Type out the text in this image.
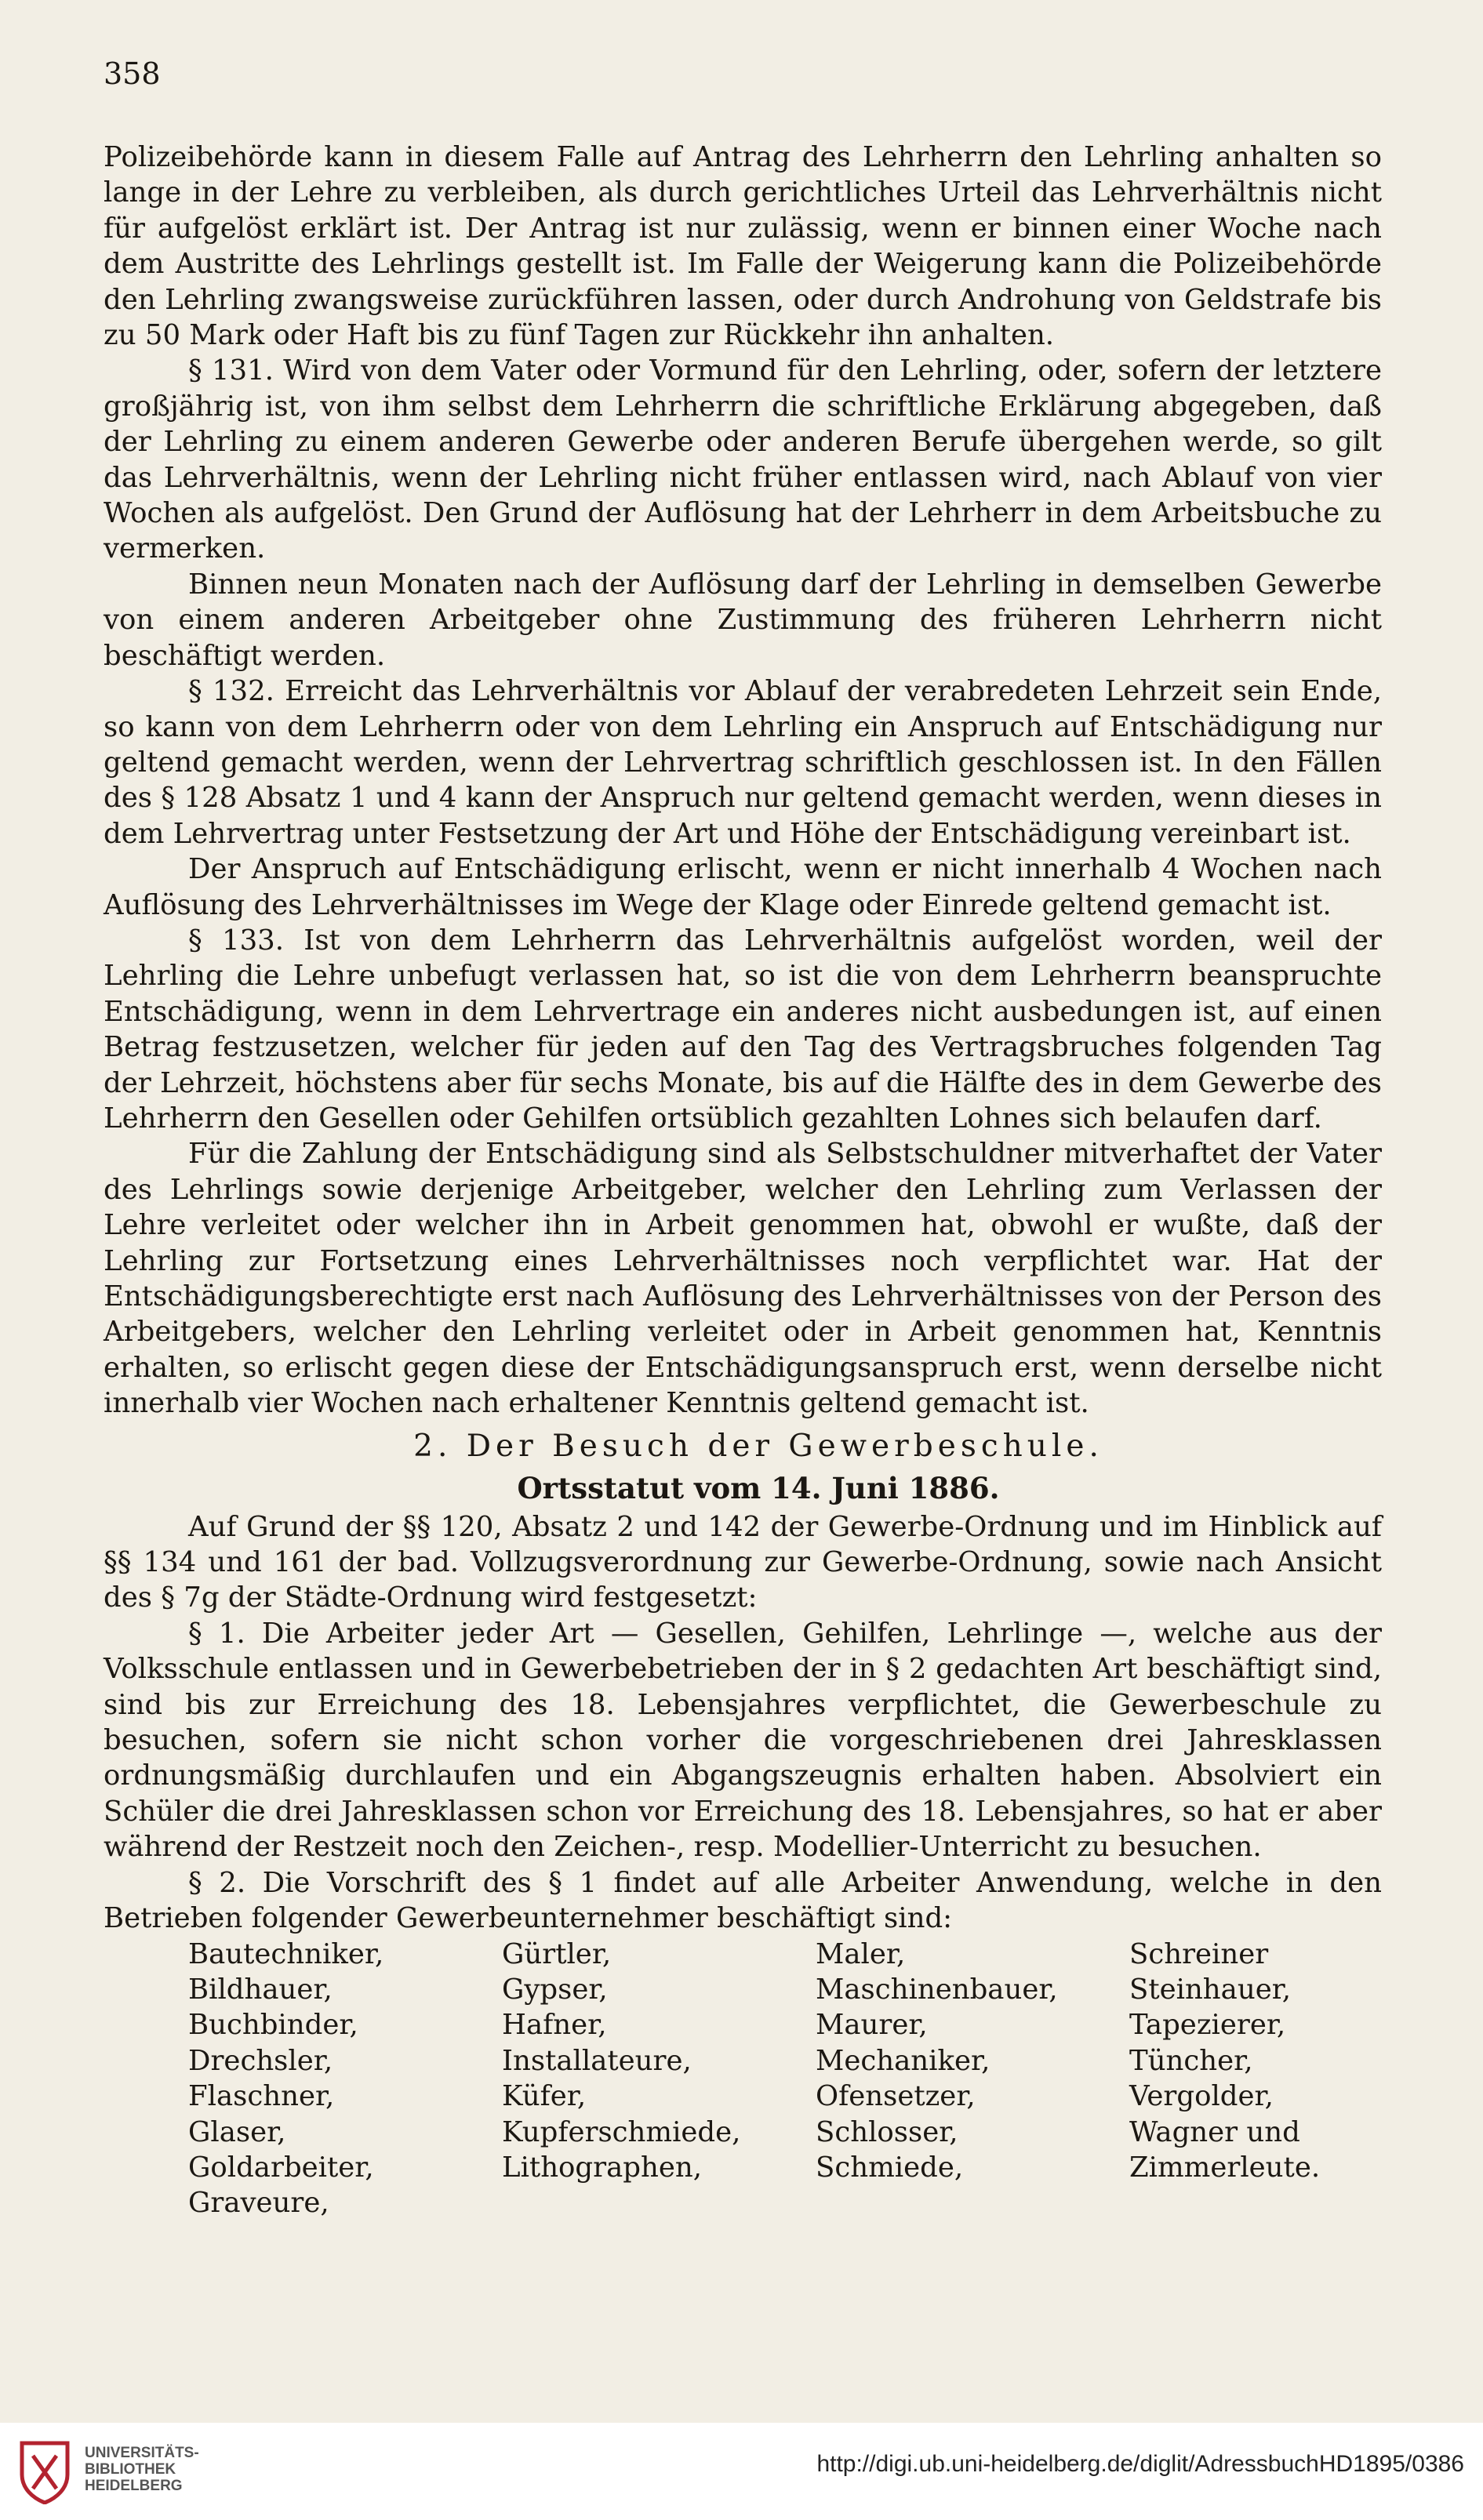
358

Polizeibehörde kann in diesem Falle auf Antrag des Lehrherrn den Lehrling anhalten so lange in der Lehre zu verbleiben, als durch gerichtliches Urteil das Lehrverhältnis nicht für aufgelöst erklärt ist. Der Antrag ist nur zulässig, wenn er binnen einer Woche nach dem Austritte des Lehrlings gestellt ist. Im Falle der Weigerung kann die Polizeibehörde den Lehrling zwangsweise zurückführen lassen, oder durch Androhung von Geldstrafe bis zu 50 Mark oder Haft bis zu fünf Tagen zur Rückkehr ihn anhalten.

§ 131. Wird von dem Vater oder Vormund für den Lehrling, oder, sofern der letztere großjährig ist, von ihm selbst dem Lehrherrn die schriftliche Erklärung abgegeben, daß der Lehrling zu einem anderen Gewerbe oder anderen Berufe übergehen werde, so gilt das Lehrverhältnis, wenn der Lehrling nicht früher entlassen wird, nach Ablauf von vier Wochen als aufgelöst. Den Grund der Auflösung hat der Lehrherr in dem Arbeitsbuche zu vermerken.

Binnen neun Monaten nach der Auflösung darf der Lehrling in demselben Gewerbe von einem anderen Arbeitgeber ohne Zustimmung des früheren Lehrherrn nicht beschäftigt werden.

§ 132. Erreicht das Lehrverhältnis vor Ablauf der verabredeten Lehrzeit sein Ende, so kann von dem Lehrherrn oder von dem Lehrling ein Anspruch auf Entschädigung nur geltend gemacht werden, wenn der Lehrvertrag schriftlich geschlossen ist. In den Fällen des § 128 Absatz 1 und 4 kann der Anspruch nur geltend gemacht werden, wenn dieses in dem Lehrvertrag unter Festsetzung der Art und Höhe der Entschädigung vereinbart ist.

Der Anspruch auf Entschädigung erlischt, wenn er nicht innerhalb 4 Wochen nach Auflösung des Lehrverhältnisses im Wege der Klage oder Einrede geltend gemacht ist.

§ 133. Ist von dem Lehrherrn das Lehrverhältnis aufgelöst worden, weil der Lehrling die Lehre unbefugt verlassen hat, so ist die von dem Lehrherrn beanspruchte Entschädigung, wenn in dem Lehrvertrage ein anderes nicht ausbedungen ist, auf einen Betrag festzusetzen, welcher für jeden auf den Tag des Vertragsbruches folgenden Tag der Lehrzeit, höchstens aber für sechs Monate, bis auf die Hälfte des in dem Gewerbe des Lehrherrn den Gesellen oder Gehilfen ortsüblich gezahlten Lohnes sich belaufen darf.

Für die Zahlung der Entschädigung sind als Selbstschuldner mitverhaftet der Vater des Lehrlings sowie derjenige Arbeitgeber, welcher den Lehrling zum Verlassen der Lehre verleitet oder welcher ihn in Arbeit genommen hat, obwohl er wußte, daß der Lehrling zur Fortsetzung eines Lehrverhältnisses noch verpflichtet war. Hat der Entschädigungsberechtigte erst nach Auflösung des Lehrverhältnisses von der Person des Arbeitgebers, welcher den Lehrling verleitet oder in Arbeit genommen hat, Kenntnis erhalten, so erlischt gegen diese der Entschädigungsanspruch erst, wenn derselbe nicht innerhalb vier Wochen nach erhaltener Kenntnis geltend gemacht ist.

2. Der Besuch der Gewerbeschule.
Ortsstatut vom 14. Juni 1886.

Auf Grund der §§ 120, Absatz 2 und 142 der Gewerbe-Ordnung und im Hinblick auf §§ 134 und 161 der bad. Vollzugsverordnung zur Gewerbe-Ordnung, sowie nach Ansicht des § 7g der Städte-Ordnung wird festgesetzt:

§ 1. Die Arbeiter jeder Art — Gesellen, Gehilfen, Lehrlinge —, welche aus der Volksschule entlassen und in Gewerbebetrieben der in § 2 gedachten Art beschäftigt sind, sind bis zur Erreichung des 18. Lebensjahres verpflichtet, die Gewerbeschule zu besuchen, sofern sie nicht schon vorher die vorgeschriebenen drei Jahresklassen ordnungsmäßig durchlaufen und ein Abgangszeugnis erhalten haben. Absolviert ein Schüler die drei Jahresklassen schon vor Erreichung des 18. Lebensjahres, so hat er aber während der Restzeit noch den Zeichen-, resp. Modellier-Unterricht zu besuchen.

§ 2. Die Vorschrift des § 1 findet auf alle Arbeiter Anwendung, welche in den Betrieben folgender Gewerbeunternehmer beschäftigt sind:

Bautechniker,	Gürtler,	Maler,	Schreiner
Bildhauer,	Gypser,	Maschinenbauer,	Steinhauer,
Buchbinder,	Hafner,	Maurer,	Tapezierer,
Drechsler,	Installateure,	Mechaniker,	Tüncher,
Flaschner,	Küfer,	Ofensetzer,	Vergolder,
Glaser,	Kupferschmiede,	Schlosser,	Wagner und
Goldarbeiter,	Lithographen,	Schmiede,	Zimmerleute.
Graveure,
UNIVERSITÄTS-
BIBLIOTHEK
HEIDELBERG
http://digi.ub.uni-heidelberg.de/diglit/AdressbuchHD1895/0386
